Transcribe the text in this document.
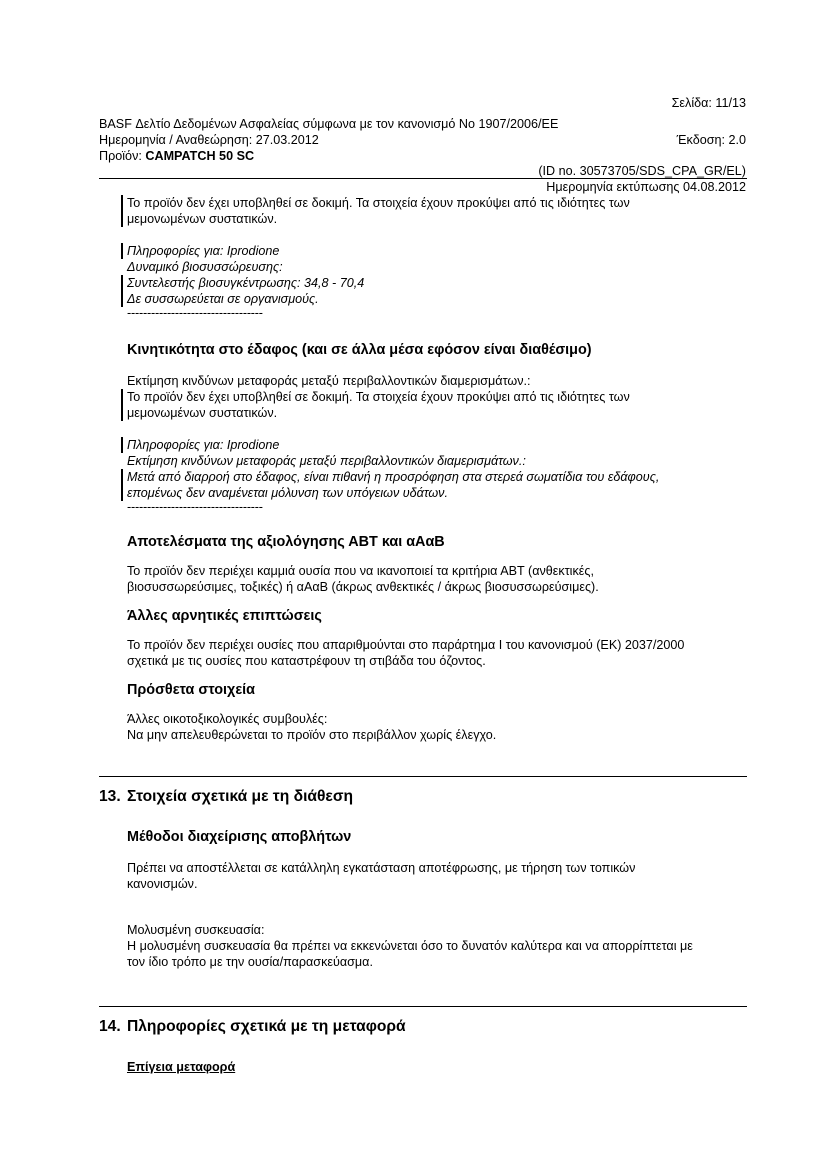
Σελίδα: 11/13
BASF Δελτίο Δεδομένων Ασφαλείας σύμφωνα με τον κανονισμό Νο 1907/2006/ΕΕ
Ημερομηνία / Αναθεώρηση: 27.03.2012	Έκδοση: 2.0
Προϊόν: CAMPATCH 50 SC
(ID no. 30573705/SDS_CPA_GR/EL)
Ημερομηνία εκτύπωσης 04.08.2012
Το προϊόν δεν έχει υποβληθεί σε δοκιμή. Τα στοιχεία έχουν προκύψει από τις ιδιότητες των
μεμονωμένων συστατικών.
Πληροφορίες για: Iprodione
Δυναμικό βιοσυσσώρευσης:
Συντελεστής βιοσυγκέντρωσης: 34,8 - 70,4
Δε συσσωρεύεται σε οργανισμούς.
----------------------------------
Κινητικότητα στο έδαφος (και σε άλλα μέσα εφόσον είναι διαθέσιμο)
Εκτίμηση κινδύνων μεταφοράς μεταξύ περιβαλλοντικών διαμερισμάτων.:
Το προϊόν δεν έχει υποβληθεί σε δοκιμή. Τα στοιχεία έχουν προκύψει από τις ιδιότητες των
μεμονωμένων συστατικών.
Πληροφορίες για: Iprodione
Εκτίμηση κινδύνων μεταφοράς μεταξύ περιβαλλοντικών διαμερισμάτων.:
Μετά από διαρροή στο έδαφος, είναι πιθανή η προσρόφηση στα στερεά σωματίδια του εδάφους,
επομένως δεν αναμένεται μόλυνση των υπόγειων υδάτων.
----------------------------------
Αποτελέσματα της αξιολόγησης ΑΒΤ και αΑαΒ
Το προϊόν δεν περιέχει καμμιά ουσία που να ικανοποιεί τα κριτήρια ΑΒΤ (ανθεκτικές,
βιοσυσσωρεύσιμες, τοξικές) ή αΑαΒ (άκρως ανθεκτικές / άκρως βιοσυσσωρεύσιμες).
Άλλες αρνητικές επιπτώσεις
Το προϊόν δεν περιέχει ουσίες που απαριθμούνται στο παράρτημα I του κανονισμού (ΕΚ) 2037/2000
σχετικά με τις ουσίες που καταστρέφουν τη στιβάδα του όζοντος.
Πρόσθετα στοιχεία
Άλλες οικοτοξικολογικές συμβουλές:
Να μην απελευθερώνεται το προϊόν στο περιβάλλον χωρίς έλεγχο.
13. Στοιχεία σχετικά με τη διάθεση
Μέθοδοι διαχείρισης αποβλήτων
Πρέπει να αποστέλλεται σε κατάλληλη εγκατάσταση αποτέφρωσης, με τήρηση των τοπικών
κανονισμών.
Μολυσμένη συσκευασία:
Η μολυσμένη συσκευασία θα πρέπει να εκκενώνεται όσο το δυνατόν καλύτερα και να απορρίπτεται με
τον ίδιο τρόπο με την ουσία/παρασκεύασμα.
14. Πληροφορίες σχετικά με τη μεταφορά
Επίγεια μεταφορά
